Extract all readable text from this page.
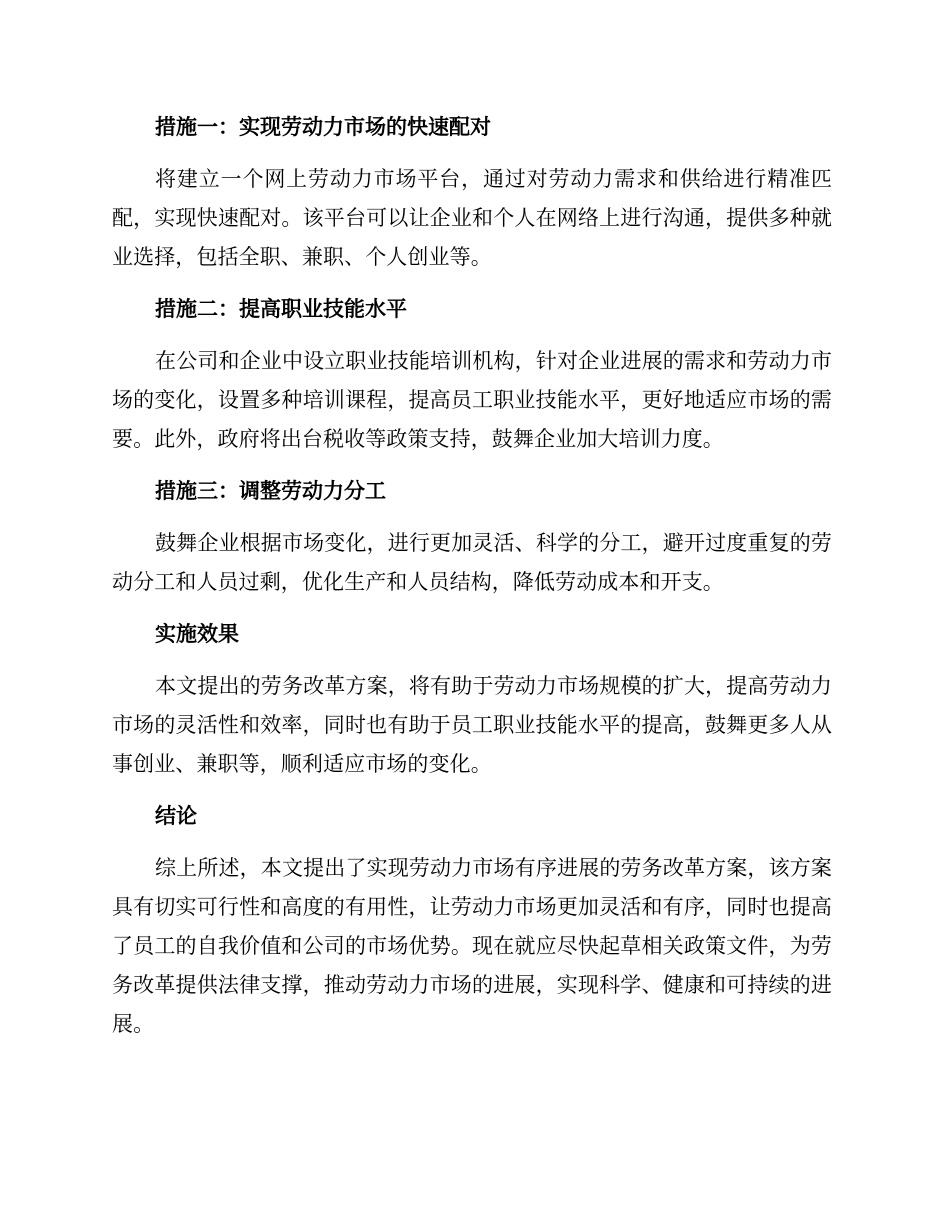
措施一：实现劳动力市场的快速配对

将建立一个网上劳动力市场平台，通过对劳动力需求和供给进行精准匹配，实现快速配对。该平台可以让企业和个人在网络上进行沟通，提供多种就业选择，包括全职、兼职、个人创业等。

措施二：提高职业技能水平

在公司和企业中设立职业技能培训机构，针对企业进展的需求和劳动力市场的变化，设置多种培训课程，提高员工职业技能水平，更好地适应市场的需要。此外，政府将出台税收等政策支持，鼓舞企业加大培训力度。

措施三：调整劳动力分工

鼓舞企业根据市场变化，进行更加灵活、科学的分工，避开过度重复的劳动分工和人员过剩，优化生产和人员结构，降低劳动成本和开支。

实施效果

本文提出的劳务改革方案，将有助于劳动力市场规模的扩大，提高劳动力市场的灵活性和效率，同时也有助于员工职业技能水平的提高，鼓舞更多人从事创业、兼职等，顺利适应市场的变化。

结论

综上所述，本文提出了实现劳动力市场有序进展的劳务改革方案，该方案具有切实可行性和高度的有用性，让劳动力市场更加灵活和有序，同时也提高了员工的自我价值和公司的市场优势。现在就应尽快起草相关政策文件，为劳务改革提供法律支撑，推动劳动力市场的进展，实现科学、健康和可持续的进展。
